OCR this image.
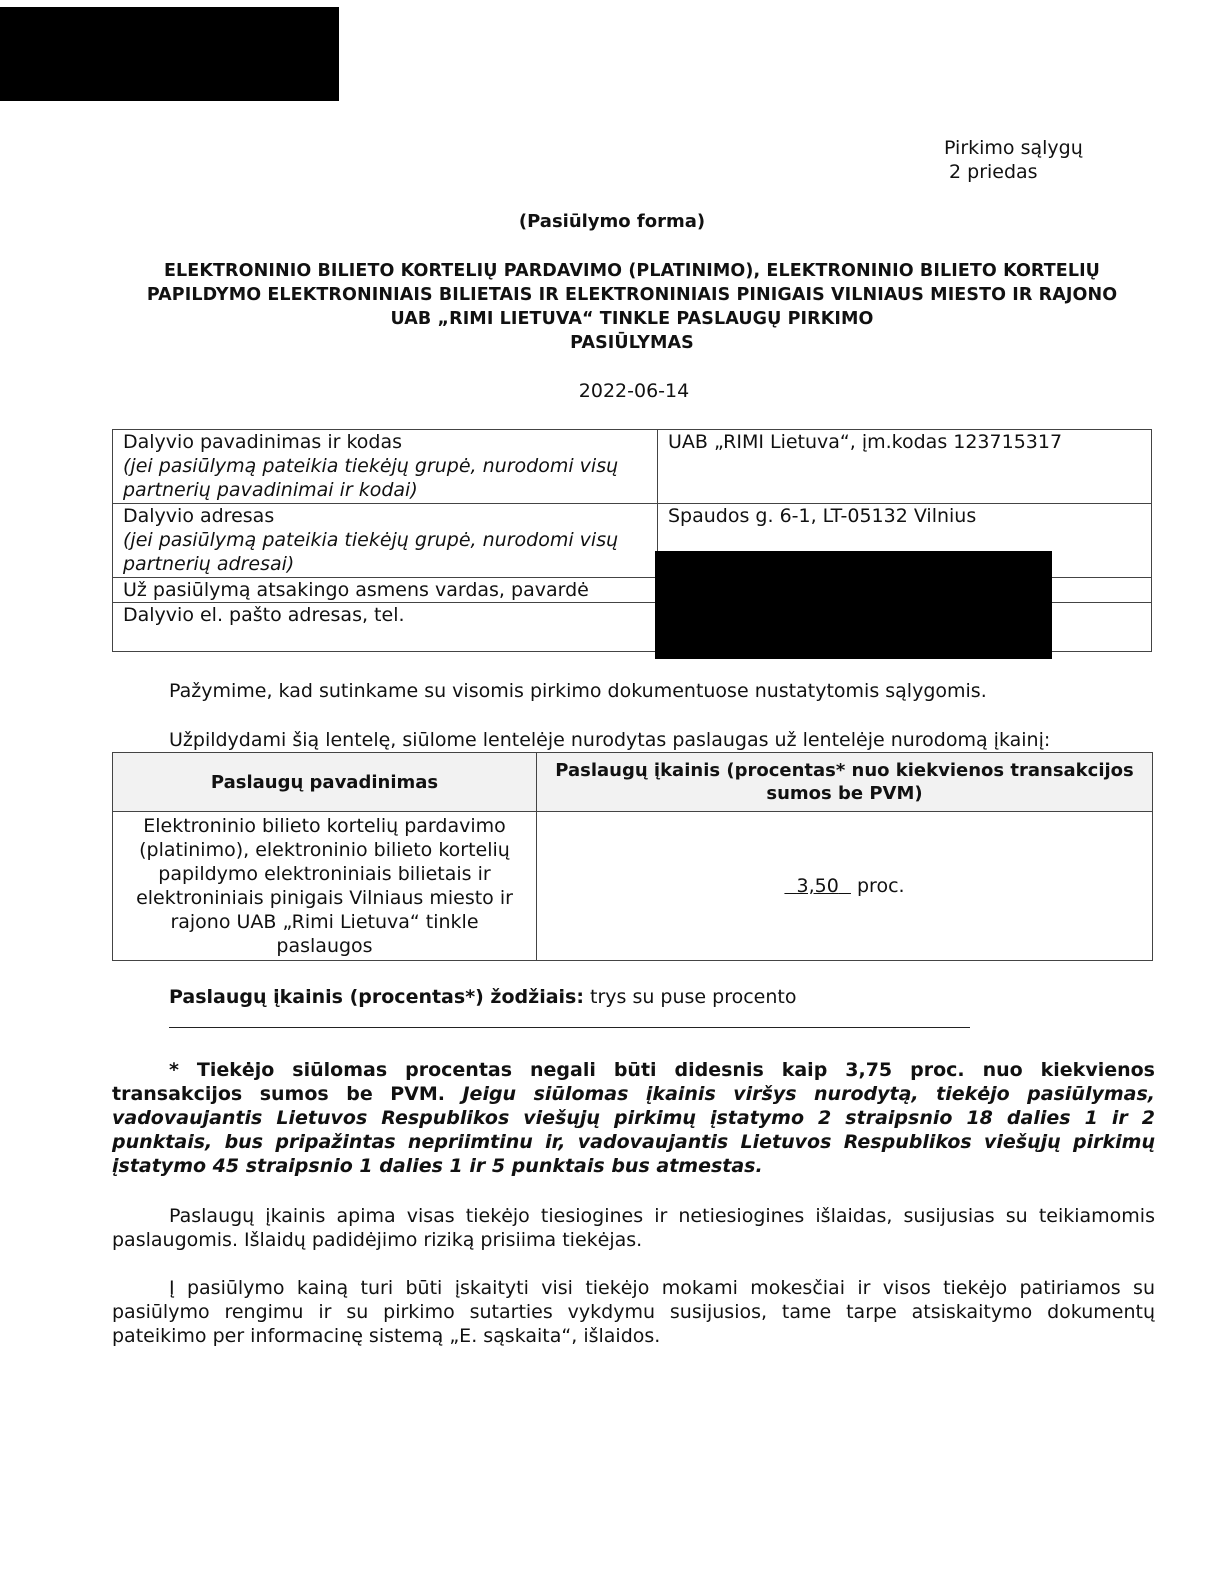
Pirkimo sąlygų
2 priedas
(Pasiūlymo forma)
ELEKTRONINIO BILIETO KORTELIŲ PARDAVIMO (PLATINIMO), ELEKTRONINIO BILIETO KORTELIŲ
PAPILDYMO ELEKTRONINIAIS BILIETAIS IR ELEKTRONINIAIS PINIGAIS VILNIAUS MIESTO IR RAJONO
UAB „RIMI LIETUVA“ TINKLE PASLAUGŲ PIRKIMO
PASIŪLYMAS
2022-06-14
Dalyvio pavadinimas ir kodas
(jei pasiūlymą pateikia tiekėjų grupė, nurodomi visų partnerių pavadinimai ir kodai)	UAB „RIMI Lietuva“, įm.kodas 123715317

Dalyvio adresas
(jei pasiūlymą pateikia tiekėjų grupė, nurodomi visų partnerių adresai)	Spaudos g. 6-1, LT-05132 Vilnius
Už pasiūlymą atsakingo asmens vardas, pavardė	
Dalyvio el. pašto adresas, tel.	
Pažymime, kad sutinkame su visomis pirkimo dokumentuose nustatytomis sąlygomis.
Užpildydami šią lentelę, siūlome lentelėje nurodytas paslaugas už lentelėje nurodomą įkainį:
Paslaugų pavadinimas	Paslaugų įkainis (procentas* nuo kiekvienos transakcijos sumos be PVM)
Elektroninio bilieto kortelių pardavimo (platinimo), elektroninio bilieto kortelių papildymo elektroniniais bilietais ir elektroniniais pinigais Vilniaus miesto ir rajono UAB „Rimi Lietuva“ tinkle paslaugos	3,50 proc.
Paslaugų įkainis (procentas*) žodžiais: trys su puse procento
* Tiekėjo siūlomas procentas negali būti didesnis kaip 3,75 proc. nuo kiekvienos transakcijos sumos be PVM. Jeigu siūlomas įkainis viršys nurodytą, tiekėjo pasiūlymas, vadovaujantis Lietuvos Respublikos viešųjų pirkimų įstatymo 2 straipsnio 18 dalies 1 ir 2 punktais, bus pripažintas nepriimtinu ir, vadovaujantis Lietuvos Respublikos viešųjų pirkimų įstatymo 45 straipsnio 1 dalies 1 ir 5 punktais bus atmestas.
Paslaugų įkainis apima visas tiekėjo tiesiogines ir netiesiogines išlaidas, susijusias su teikiamomis paslaugomis. Išlaidų padidėjimo riziką prisiima tiekėjas.
Į pasiūlymo kainą turi būti įskaityti visi tiekėjo mokami mokesčiai ir visos tiekėjo patiriamos su pasiūlymo rengimu ir su pirkimo sutarties vykdymu susijusios, tame tarpe atsiskaitymo dokumentų pateikimo per informacinę sistemą „E. sąskaita“, išlaidos.
